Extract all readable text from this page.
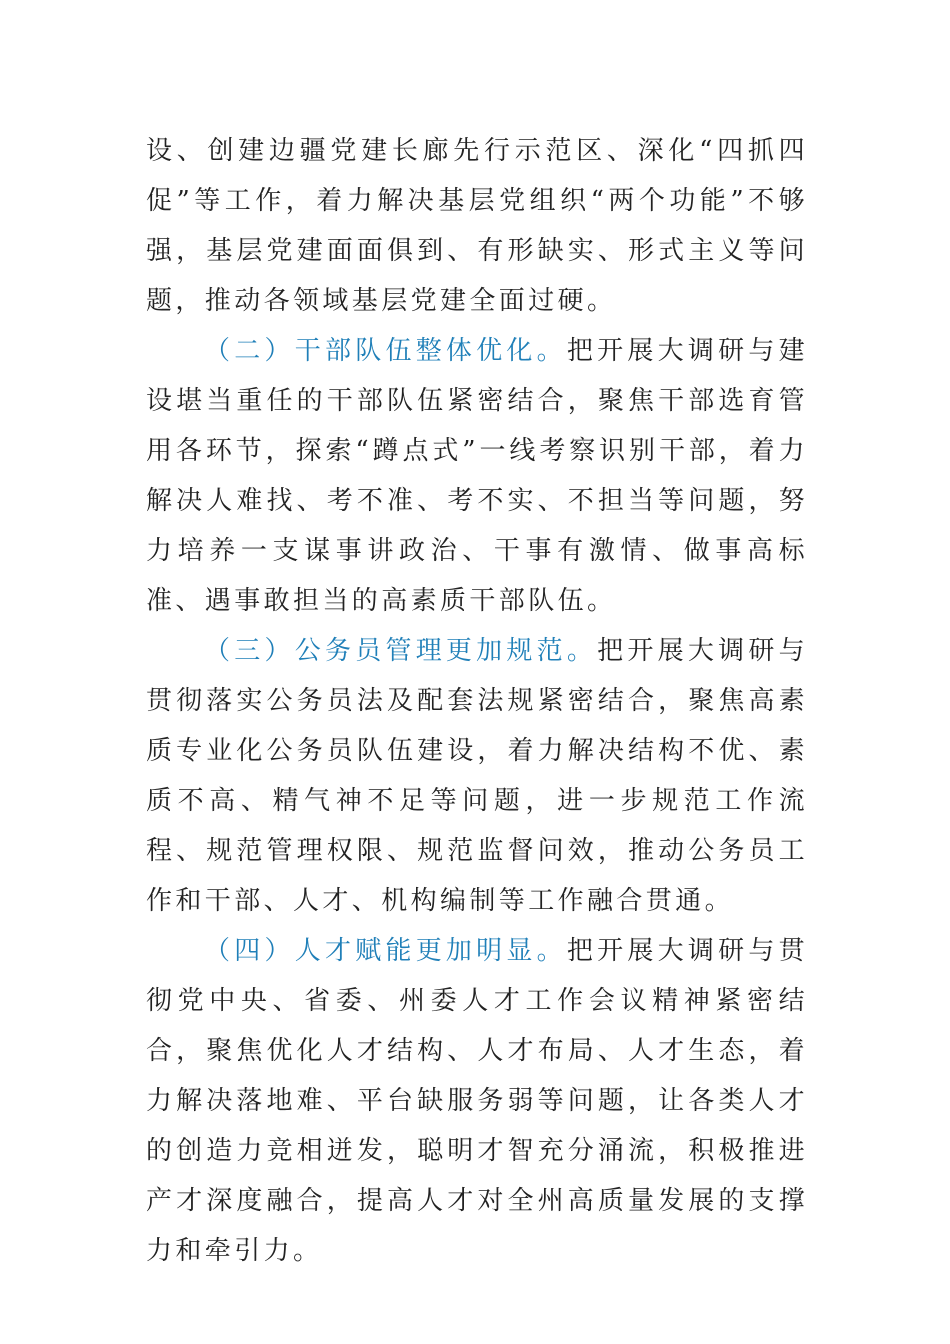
设、创建边疆党建长廊先行示范区、深化“四抓四促”等工作，着力解决基层党组织“两个功能”不够强，基层党建面面俱到、有形缺实、形式主义等问题，推动各领域基层党建全面过硬。

（二）干部队伍整体优化。把开展大调研与建设堪当重任的干部队伍紧密结合，聚焦干部选育管用各环节，探索“蹲点式”一线考察识别干部，着力解决人难找、考不准、考不实、不担当等问题，努力培养一支谋事讲政治、干事有激情、做事高标准、遇事敢担当的高素质干部队伍。

（三）公务员管理更加规范。把开展大调研与贯彻落实公务员法及配套法规紧密结合，聚焦高素质专业化公务员队伍建设，着力解决结构不优、素质不高、精气神不足等问题，进一步规范工作流程、规范管理权限、规范监督问效，推动公务员工作和干部、人才、机构编制等工作融合贯通。

（四）人才赋能更加明显。把开展大调研与贯彻党中央、省委、州委人才工作会议精神紧密结合，聚焦优化人才结构、人才布局、人才生态，着力解决落地难、平台缺服务弱等问题，让各类人才的创造力竞相迸发，聪明才智充分涌流，积极推进产才深度融合，提高人才对全州高质量发展的支撑力和牵引力。
